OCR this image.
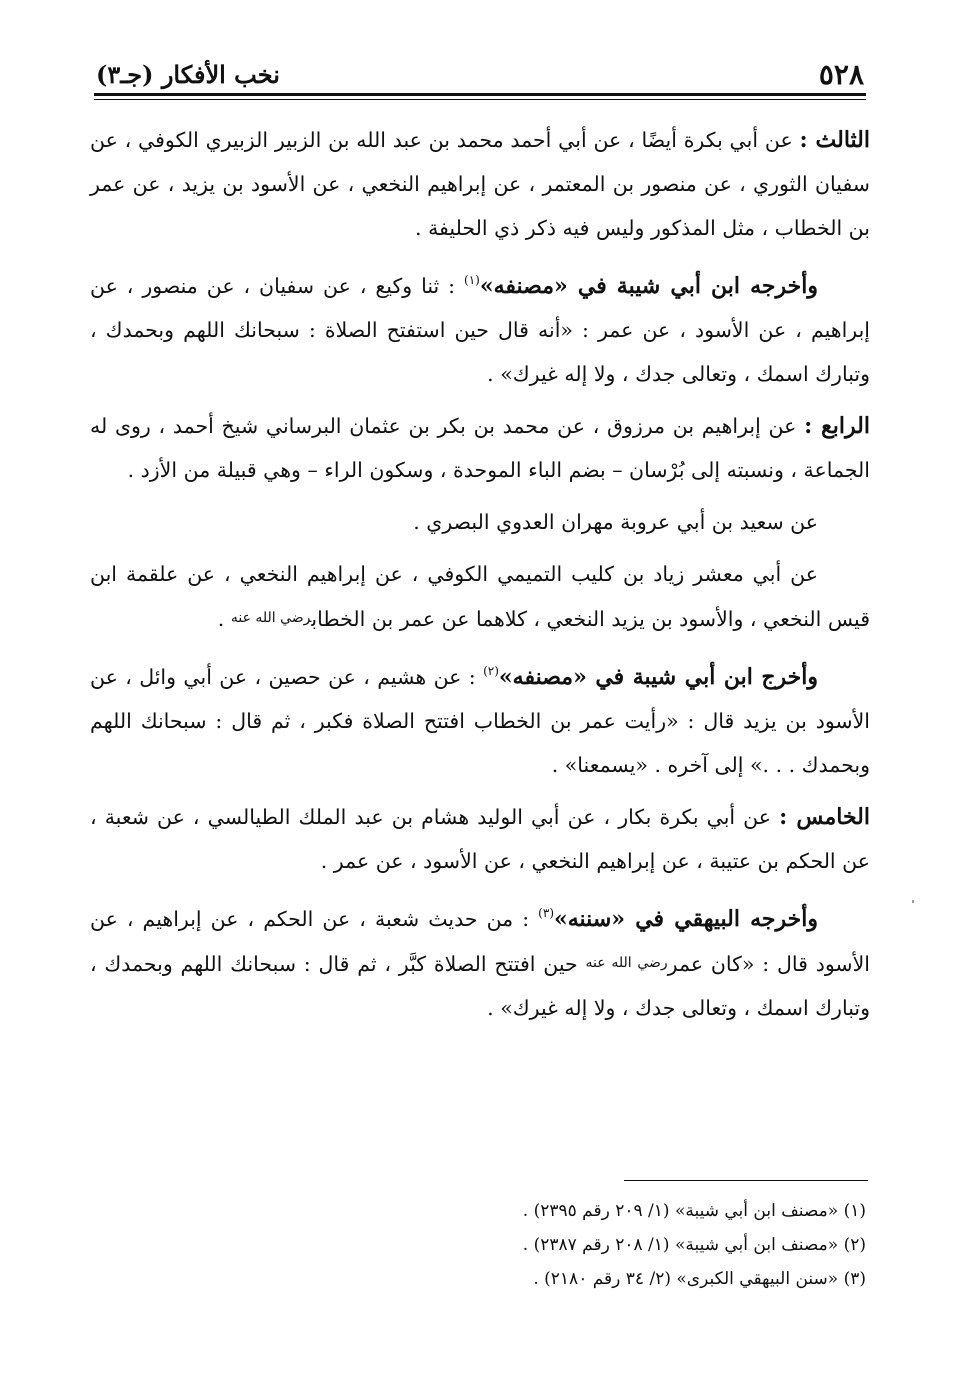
٥٢٨
نخب الأفكار (جـ٣)

الثالث : عن أبي بكرة أيضًا ، عن أبي أحمد محمد بن عبد الله بن الزبير الزبيري الكوفي ، عن سفيان الثوري ، عن منصور بن المعتمر ، عن إبراهيم النخعي ، عن الأسود بن يزيد ، عن عمر بن الخطاب ، مثل المذكور وليس فيه ذكر ذي الحليفة .

وأخرجه ابن أبي شيبة في «مصنفه»$^{(١)}$ : ثنا وكيع ، عن سفيان ، عن منصور ، عن إبراهيم ، عن الأسود ، عن عمر : «أنه قال حين استفتح الصلاة : سبحانك اللهم وبحمدك ، وتبارك اسمك ، وتعالى جدك ، ولا إله غيرك» .

الرابع : عن إبراهيم بن مرزوق ، عن محمد بن بكر بن عثمان البرساني شيخ أحمد ، روى له الجماعة ، ونسبته إلى بُرْسان – بضم الباء الموحدة ، وسكون الراء – وهي قبيلة من الأزد .

عن سعيد بن أبي عروبة مهران العدوي البصري .

عن أبي معشر زياد بن كليب التميمي الكوفي ، عن إبراهيم النخعي ، عن علقمة ابن قيس النخعي ، والأسود بن يزيد النخعي ، كلاهما عن عمر بن الخطابرضي الله عنه .

وأخرج ابن أبي شيبة في «مصنفه»$^{(٢)}$ : عن هشيم ، عن حصين ، عن أبي وائل ، عن الأسود بن يزيد قال : «رأيت عمر بن الخطاب افتتح الصلاة فكبر ، ثم قال : سبحانك اللهم وبحمدك . . .» إلى آخره . «يسمعنا» .

الخامس : عن أبي بكرة بكار ، عن أبي الوليد هشام بن عبد الملك الطيالسي ، عن شعبة ، عن الحكم بن عتيبة ، عن إبراهيم النخعي ، عن الأسود ، عن عمر .

وأخرجه البيهقي في «سننه»$^{(٣)}$ : من حديث شعبة ، عن الحكم ، عن إبراهيم ، عن الأسود قال : «كان عمررضي الله عنه حين افتتح الصلاة كبَّر ، ثم قال : سبحانك اللهم وبحمدك ، وتبارك اسمك ، وتعالى جدك ، ولا إله غيرك» .

(١) «مصنف ابن أبي شيبة» (١/ ٢٠٩ رقم ٢٣٩٥) .
(٢) «مصنف ابن أبي شيبة» (١/ ٢٠٨ رقم ٢٣٨٧) .
(٣) «سنن البيهقي الكبرى» (٢/ ٣٤ رقم ٢١٨٠) .
